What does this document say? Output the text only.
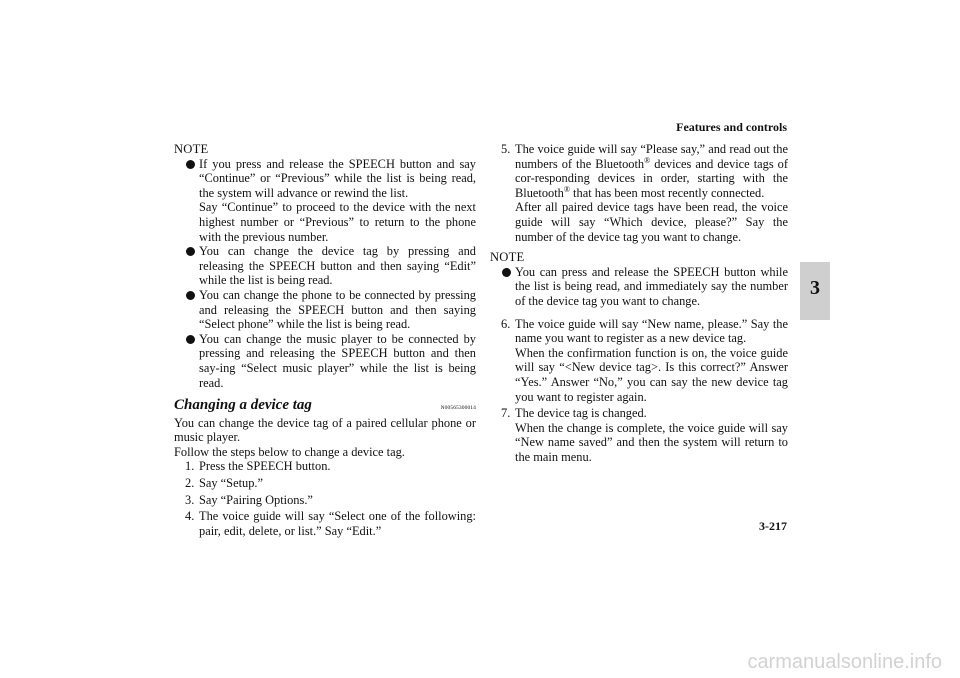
Features and controls
3
NOTE
If you press and release the SPEECH button and say “Continue” or “Previous” while the list is being read, the system will advance or rewind the list.
Say “Continue” to proceed to the device with the next highest number or “Previous” to return to the phone with the previous number.
You can change the device tag by pressing and releasing the SPEECH button and then saying “Edit” while the list is being read.
You can change the phone to be connected by pressing and releasing the SPEECH button and then saying “Select phone” while the list is being read.
You can change the music player to be connected by pressing and releasing the SPEECH button and then say-ing “Select music player” while the list is being read.
Changing a device tag	N00565300014
You can change the device tag of a paired cellular phone or music player.
Follow the steps below to change a device tag.
1. Press the SPEECH button.
2. Say “Setup.”
3. Say “Pairing Options.”
4. The voice guide will say “Select one of the following: pair, edit, delete, or list.” Say “Edit.”
5. The voice guide will say “Please say,” and read out the numbers of the Bluetooth® devices and device tags of cor-responding devices in order, starting with the Bluetooth® that has been most recently connected.
After all paired device tags have been read, the voice guide will say “Which device, please?” Say the number of the device tag you want to change.
NOTE
You can press and release the SPEECH button while the list is being read, and immediately say the number of the device tag you want to change.
6. The voice guide will say “New name, please.” Say the name you want to register as a new device tag.
When the confirmation function is on, the voice guide will say “<New device tag>. Is this correct?” Answer “Yes.” Answer “No,” you can say the new device tag you want to register again.
7. The device tag is changed.
When the change is complete, the voice guide will say “New name saved” and then the system will return to the main menu.
3-217
carmanualsonline.info
